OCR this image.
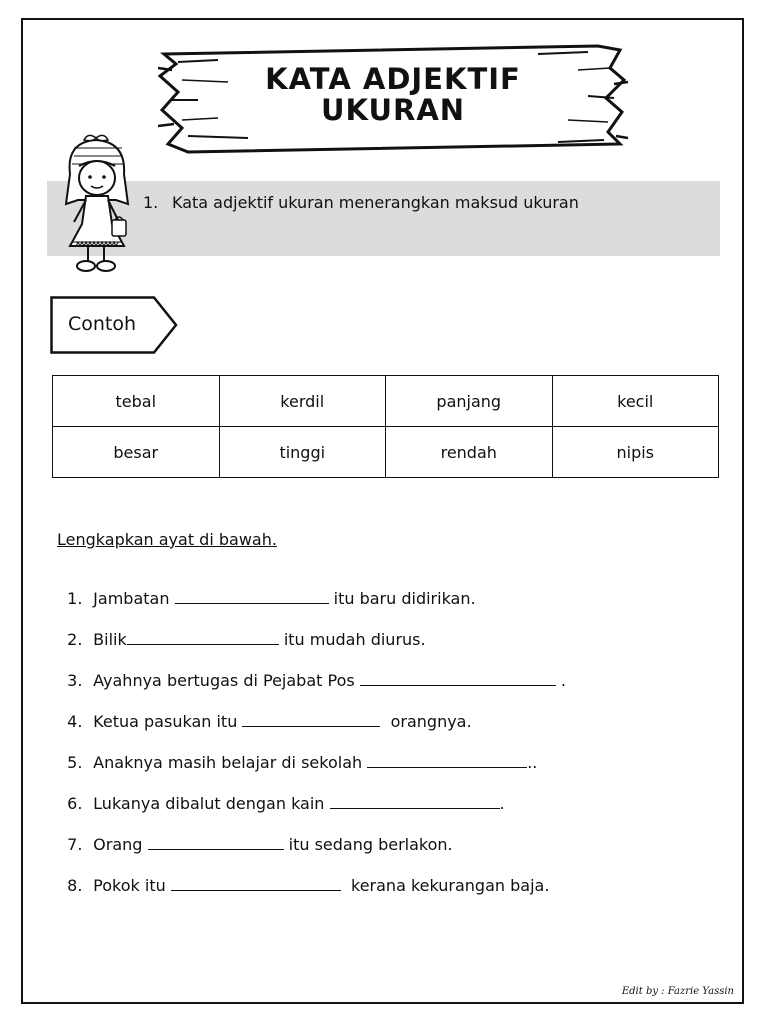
KATA ADJEKTIF
UKURAN
1. Kata adjektif ukuran menerangkan maksud ukuran
Contoh
tebal	kerdil	panjang	kecil
besar	tinggi	rendah	nipis
Lengkapkan ayat di bawah.

1. Jambatan	itu baru didirikan.

2. Bilik	itu mudah diurus.

3. Ayahnya bertugas di Pejabat Pos	.

4. Ketua pasukan itu	orangnya.

5. Anaknya masih belajar di sekolah	..

6. Lukanya dibalut dengan kain	.

7. Orang	itu sedang berlakon.

8. Pokok itu	kerana kekurangan baja.

Edit by : Fazrie Yassin
